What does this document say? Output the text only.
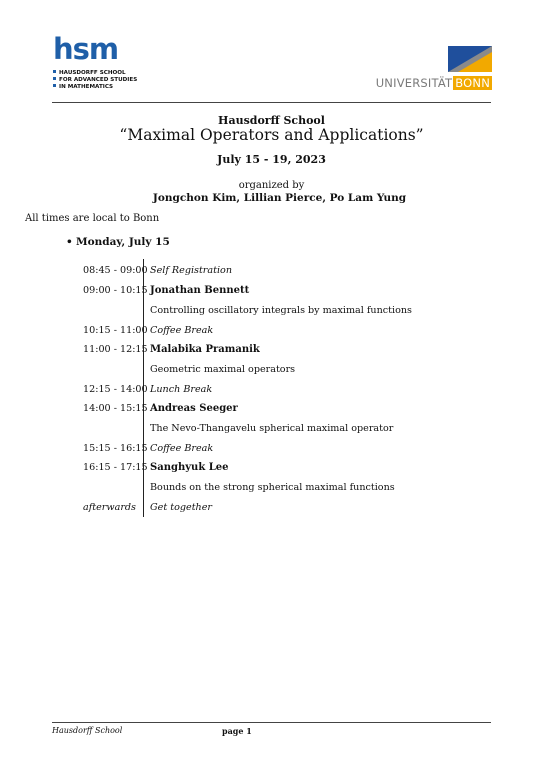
hsm
HAUSDORFF SCHOOL
FOR ADVANCED STUDIES
IN MATHEMATICS	UNIVERSITÄT BONN
Hausdorff School
“Maximal Operators and Applications”
July 15 - 19, 2023
organized by
Jongchon Kim, Lillian Pierce, Po Lam Yung
All times are local to Bonn
• Monday, July 15
08:45 - 09:00 Self Registration
09:00 - 10:15 Jonathan Bennett
Controlling oscillatory integrals by maximal functions
10:15 - 11:00 Coffee Break
11:00 - 12:15 Malabika Pramanik
Geometric maximal operators
12:15 - 14:00 Lunch Break
14:00 - 15:15 Andreas Seeger
The Nevo-Thangavelu spherical maximal operator
15:15 - 16:15 Coffee Break
16:15 - 17:15 Sanghyuk Lee
Bounds on the strong spherical maximal functions
afterwards Get together
Hausdorff School	page 1
